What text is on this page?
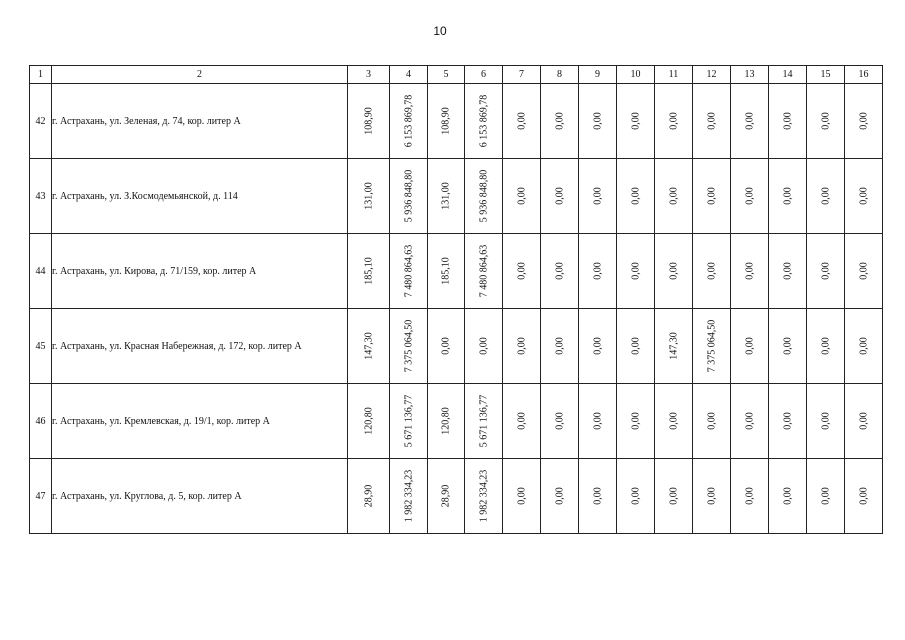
10
1	2	3	4	5	6	7	8	9	10	11	12	13	14	15	16
42	г. Астрахань, ул. Зеленая, д. 74, кор. литер А	108,90	6 153 869,78	108,90	6 153 869,78	0,00	0,00	0,00	0,00	0,00	0,00	0,00	0,00	0,00	0,00

43	г. Астрахань, ул. З.Космодемьянской, д. 114	131,00	5 936 848,80	131,00	5 936 848,80	0,00	0,00	0,00	0,00	0,00	0,00	0,00	0,00	0,00	0,00

44	г. Астрахань, ул. Кирова, д. 71/159, кор. литер А	185,10	7 480 864,63	185,10	7 480 864,63	0,00	0,00	0,00	0,00	0,00	0,00	0,00	0,00	0,00	0,00

45	г. Астрахань, ул. Красная Набережная, д. 172, кор. литер А	147,30	7 375 064,50	0,00	0,00	0,00	0,00	0,00	0,00	147,30	7 375 064,50	0,00	0,00	0,00	0,00

46	г. Астрахань, ул. Кремлевская, д. 19/1, кор. литер А	120,80	5 671 136,77	120,80	5 671 136,77	0,00	0,00	0,00	0,00	0,00	0,00	0,00	0,00	0,00	0,00

47	г. Астрахань, ул. Круглова, д. 5, кор. литер А	28,90	1 982 334,23	28,90	1 982 334,23	0,00	0,00	0,00	0,00	0,00	0,00	0,00	0,00	0,00	0,00
